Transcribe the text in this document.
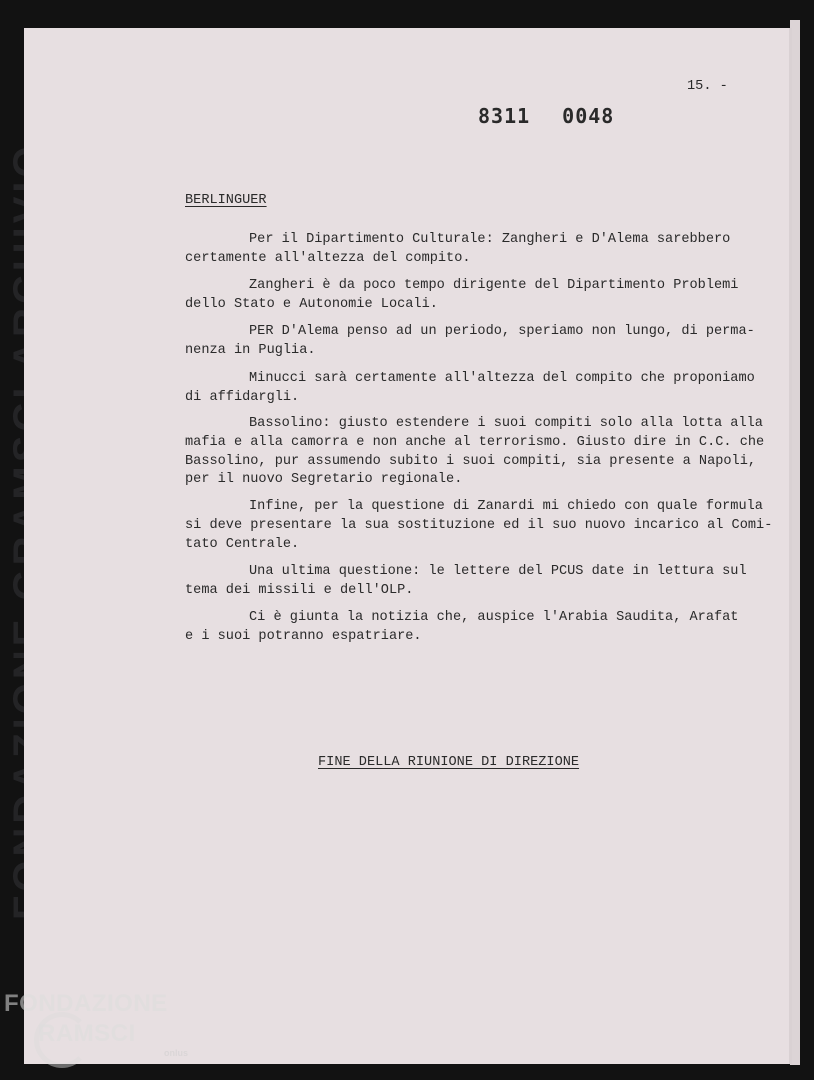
15. -
8311 0048
BERLINGUER
Per il Dipartimento Culturale: Zangheri e D'Alema sarebbero
certamente all'altezza del compito.
Zangheri è da poco tempo dirigente del Dipartimento Problemi
dello Stato e Autonomie Locali.
PER D'Alema penso ad un periodo, speriamo non lungo, di perma-
nenza in Puglia.
Minucci sarà certamente all'altezza del compito che proponiamo
di affidargli.
Bassolino: giusto estendere i suoi compiti solo alla lotta alla
mafia e alla camorra e non anche al terrorismo. Giusto dire in C.C. che
Bassolino, pur assumendo subito i suoi compiti, sia presente a Napoli,
per il nuovo Segretario regionale.
Infine, per la questione di Zanardi mi chiedo con quale formula
si deve presentare la sua sostituzione ed il suo nuovo incarico al Comi-
tato Centrale.
Una ultima questione: le lettere del PCUS date in lettura sul
tema dei missili e dell'OLP.
Ci è giunta la notizia che, auspice l'Arabia Saudita, Arafat
e i suoi potranno espatriare.
FINE DELLA RIUNIONE DI DIREZIONE
FONDAZIONE
RAMSCI
onlus
